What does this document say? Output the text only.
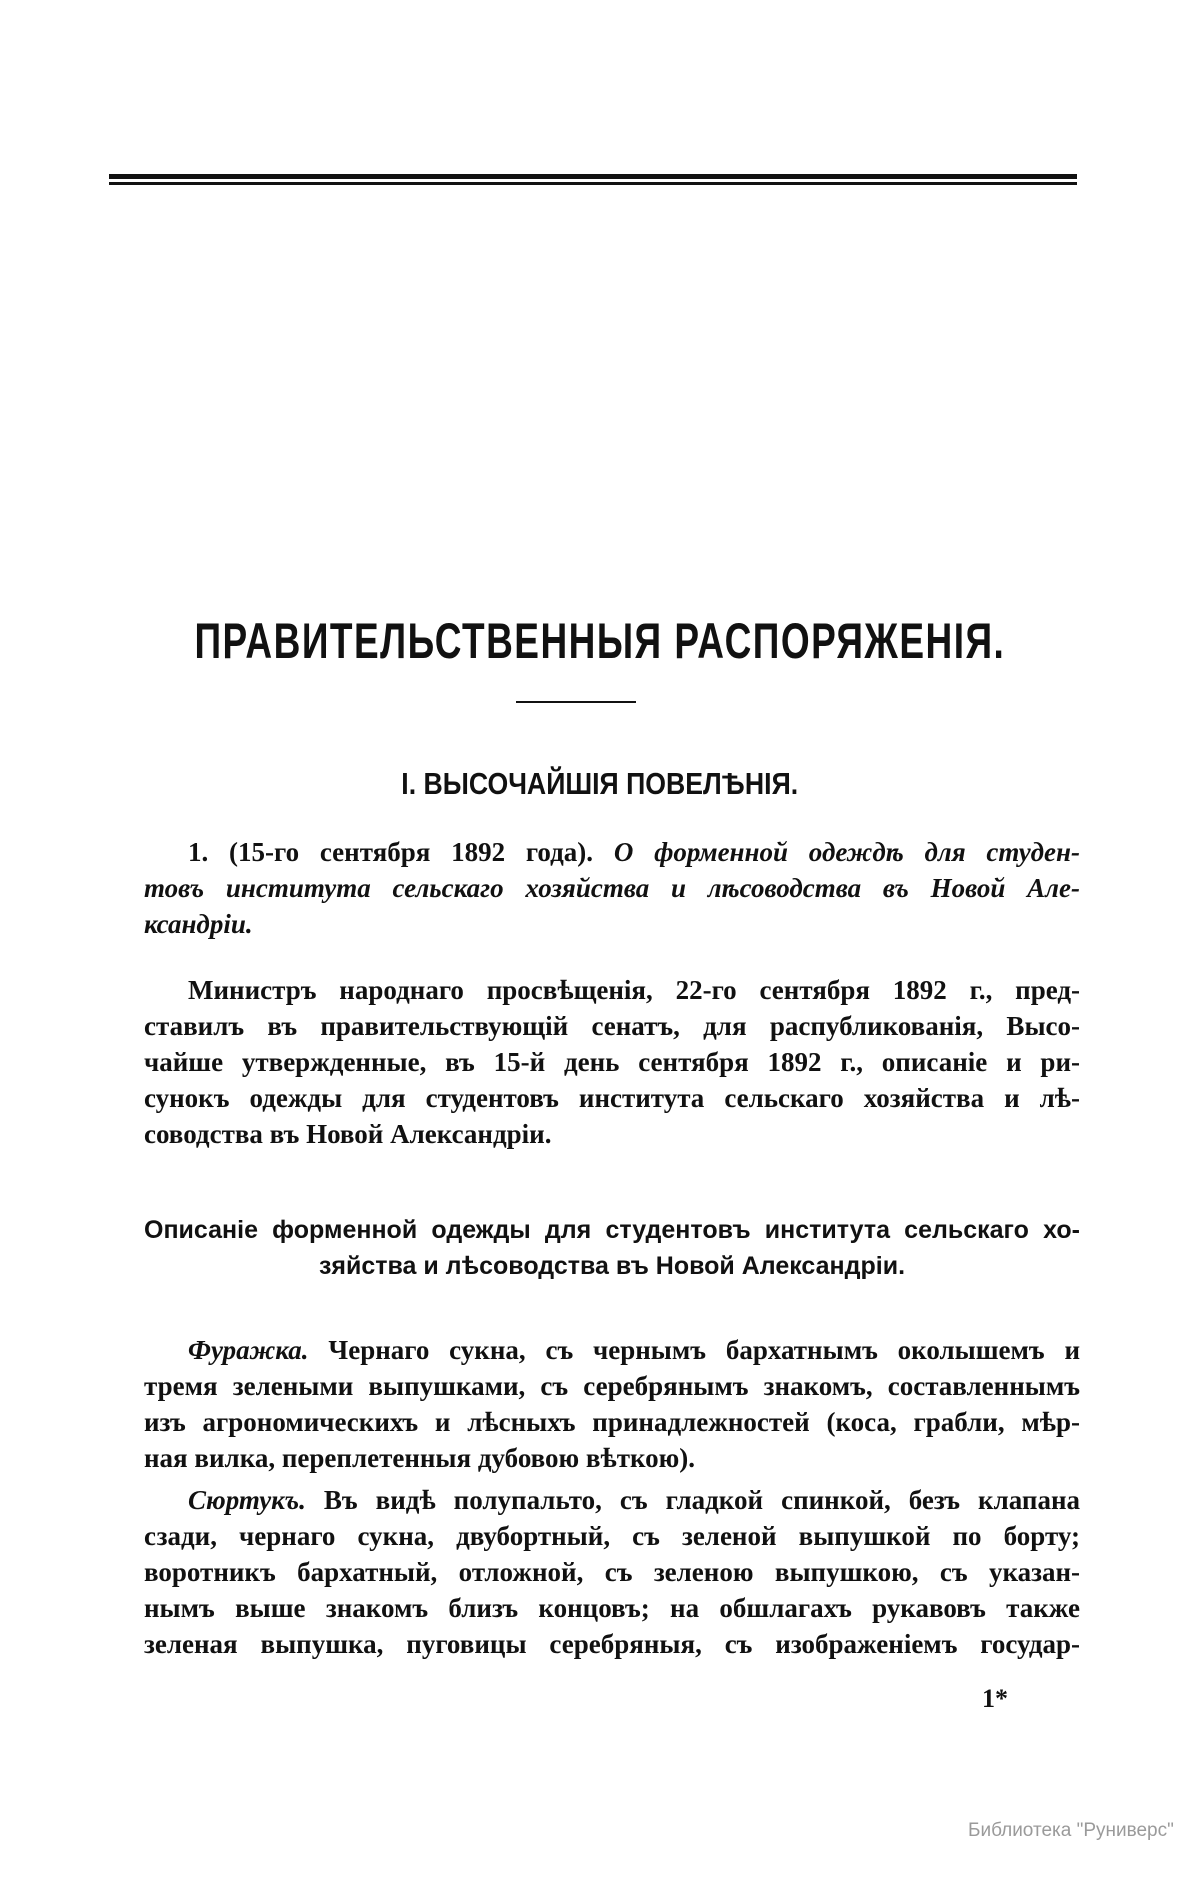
ПРАВИТЕЛЬСТВЕННЫЯ РАСПОРЯЖЕНІЯ.
I. ВЫСОЧАЙШІЯ ПОВЕЛѢНІЯ.
1. (15-го сентября 1892 года). О форменной одеждѣ для студен-
товъ института сельскаго хозяйства и лѣсоводства въ Новой Але-
ксандріи.
Министръ народнаго просвѣщенія, 22-го сентября 1892 г., пред-
ставилъ въ правительствующій сенатъ, для распубликованія, Высо-
чайше утвержденные, въ 15-й день сентября 1892 г., описаніе и ри-
сунокъ одежды для студентовъ института сельскаго хозяйства и лѣ-
соводства въ Новой Александріи.
Описаніе форменной одежды для студентовъ института сельскаго хо-
зяйства и лѣсоводства въ Новой Александріи.
Фуражка. Чернаго сукна, съ чернымъ бархатнымъ околышемъ и
тремя зелеными выпушками, съ серебрянымъ знакомъ, составленнымъ
изъ агрономическихъ и лѣсныхъ принадлежностей (коса, грабли, мѣр-
ная вилка, переплетенныя дубовою вѣткою).
Сюртукъ. Въ видѣ полупальто, съ гладкой спинкой, безъ клапана
сзади, чернаго сукна, двубортный, съ зеленой выпушкой по борту;
воротникъ бархатный, отложной, съ зеленою выпушкою, съ указан-
нымъ выше знакомъ близъ концовъ; на обшлагахъ рукавовъ также
зеленая выпушка, пуговицы серебряныя, съ изображеніемъ государ-
1*
Библиотека "Руниверс"
